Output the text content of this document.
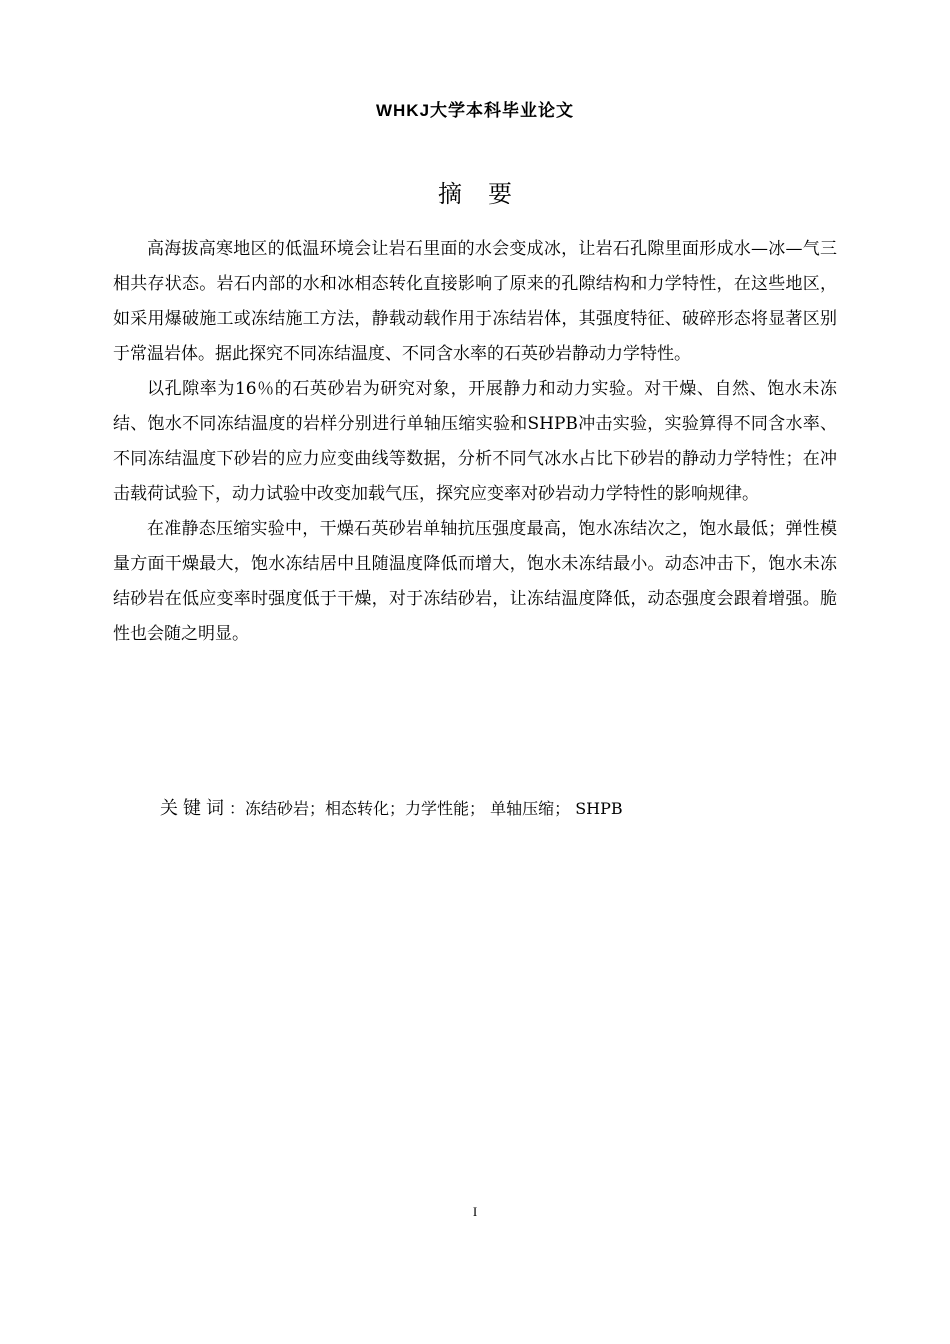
WHKJ大学本科毕业论文
摘要

高海拔高寒地区的低温环境会让岩石里面的水会变成冰，让岩石孔隙里面形成水—冰—气三相共存状态。岩石内部的水和冰相态转化直接影响了原来的孔隙结构和力学特性，在这些地区，如采用爆破施工或冻结施工方法，静载动载作用于冻结岩体，其强度特征、破碎形态将显著区别于常温岩体。据此探究不同冻结温度、不同含水率的石英砂岩静动力学特性。

以孔隙率为16％的石英砂岩为研究对象，开展静力和动力实验。对干燥、自然、饱水未冻结、饱水不同冻结温度的岩样分别进行单轴压缩实验和SHPB冲击实验，实验算得不同含水率、不同冻结温度下砂岩的应力应变曲线等数据，分析不同气冰水占比下砂岩的静动力学特性；在冲击载荷试验下，动力试验中改变加载气压，探究应变率对砂岩动力学特性的影响规律。

在准静态压缩实验中，干燥石英砂岩单轴抗压强度最高，饱水冻结次之，饱水最低；弹性模量方面干燥最大，饱水冻结居中且随温度降低而增大，饱水未冻结最小。动态冲击下，饱水未冻结砂岩在低应变率时强度低于干燥，对于冻结砂岩，让冻结温度降低，动态强度会跟着增强。脆性也会随之明显。

关键词：冻结砂岩；相态转化；力学性能； 单轴压缩； SHPB
I
